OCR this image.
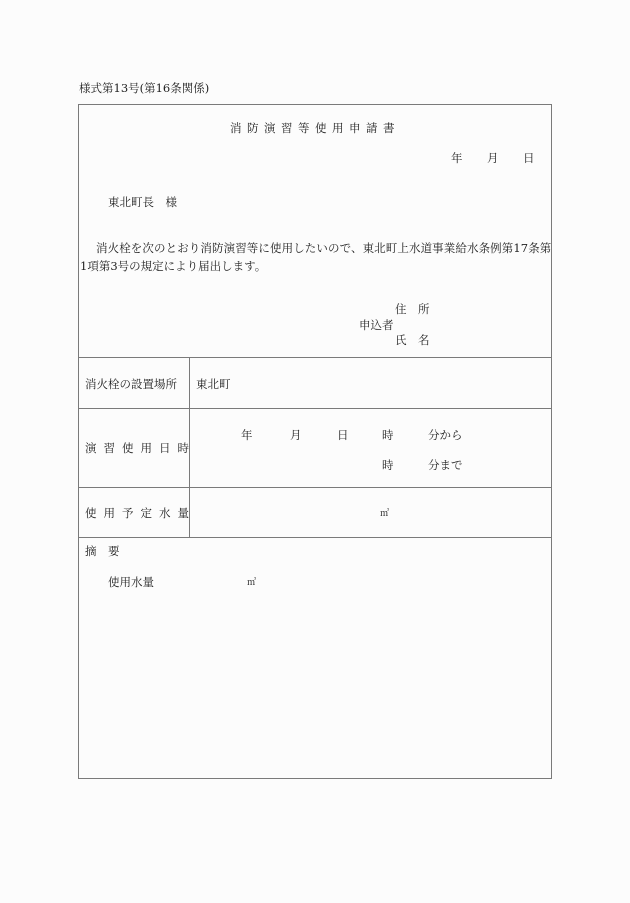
様式第13号(第16条関係)
消防演習等使用申請書
年 月 日
東北町長　様
消火栓を次のとおり消防演習等に使用したいので、東北町上水道事業給水条例第17条第
1項第3号の規定により届出します。
住　所
申込者
氏　名
消火栓の設置場所 東北町
演習使用日時
年	月	日	時	分から
時	分まで
使用予定水量	㎥
摘　要
使用水量	㎥
